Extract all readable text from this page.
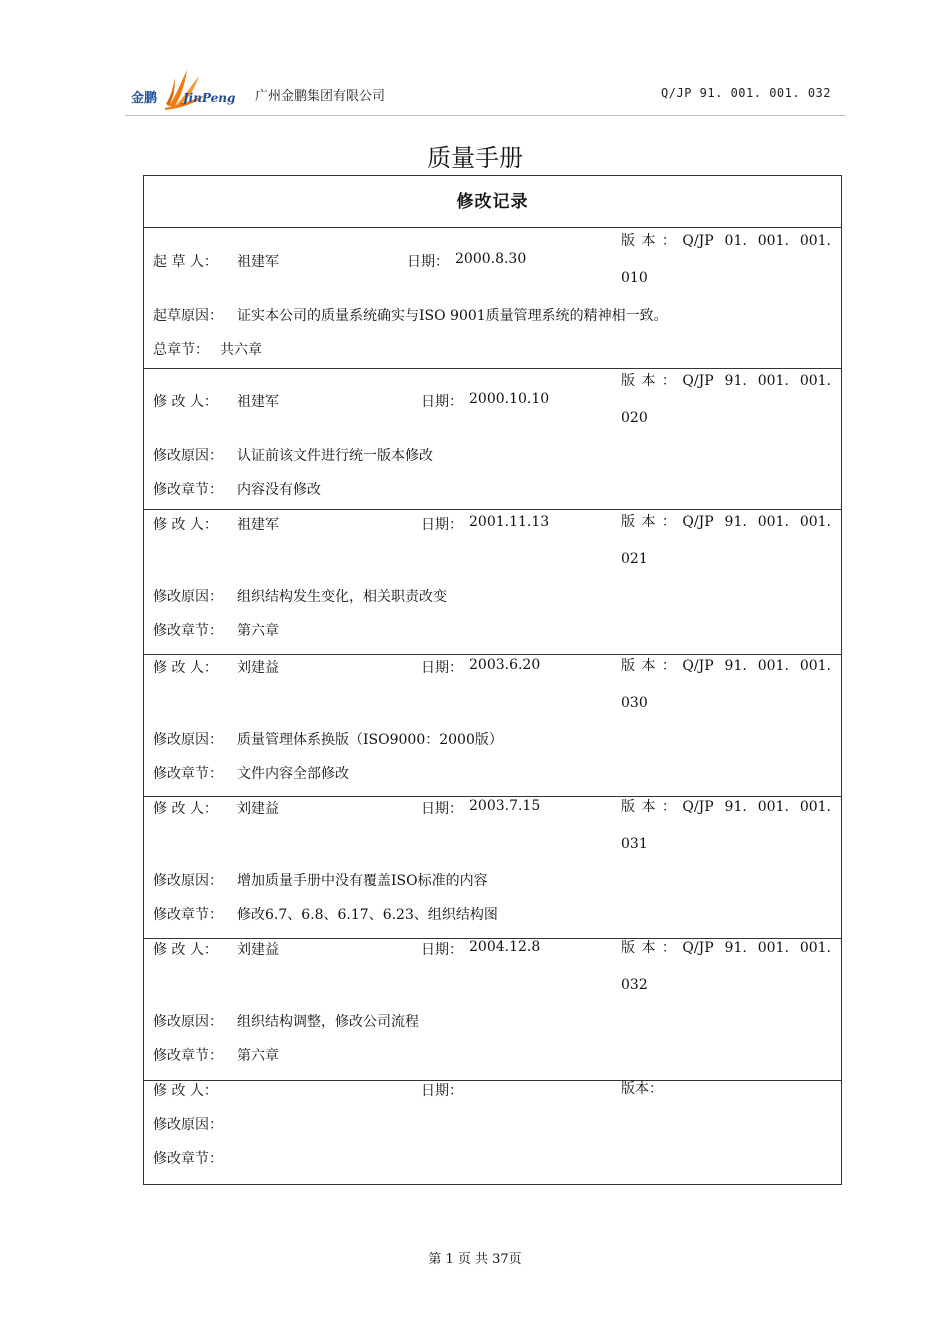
金鹏 JinPeng 广州金鹏集团有限公司	Q/JP 91. 001. 001. 032
质量手册
修改记录
起 草 人： 祖建军	日期： 2000.8.30
起草原因： 证实本公司的质量系统确实与ISO 9001质量管理系统的精神相一致。
总章节： 共六章
版本：Q/JP 01. 001. 001.
010
修 改 人： 祖建军	日期： 2000.10.10
修改原因： 认证前该文件进行统一版本修改
修改章节： 内容没有修改
版本：Q/JP 91. 001. 001.
020
修 改 人： 祖建军	日期： 2001.11.13
修改原因： 组织结构发生变化，相关职责改变
修改章节： 第六章
版本：Q/JP 91. 001. 001.
021
修 改 人： 刘建益	日期： 2003.6.20
修改原因： 质量管理体系换版（ISO9000：2000版）
修改章节： 文件内容全部修改
版本：Q/JP 91. 001. 001.
030
修 改 人： 刘建益	日期： 2003.7.15
修改原因： 增加质量手册中没有覆盖ISO标准的内容
修改章节： 修改6.7、6.8、6.17、6.23、组织结构图
版本：Q/JP 91. 001. 001.
031
修 改 人： 刘建益	日期： 2004.12.8
修改原因： 组织结构调整，修改公司流程
修改章节： 第六章
版本：Q/JP 91. 001. 001.
032
修 改 人：	日期：
修改原因：
修改章节：
版本：
第 1 页 共 37页
